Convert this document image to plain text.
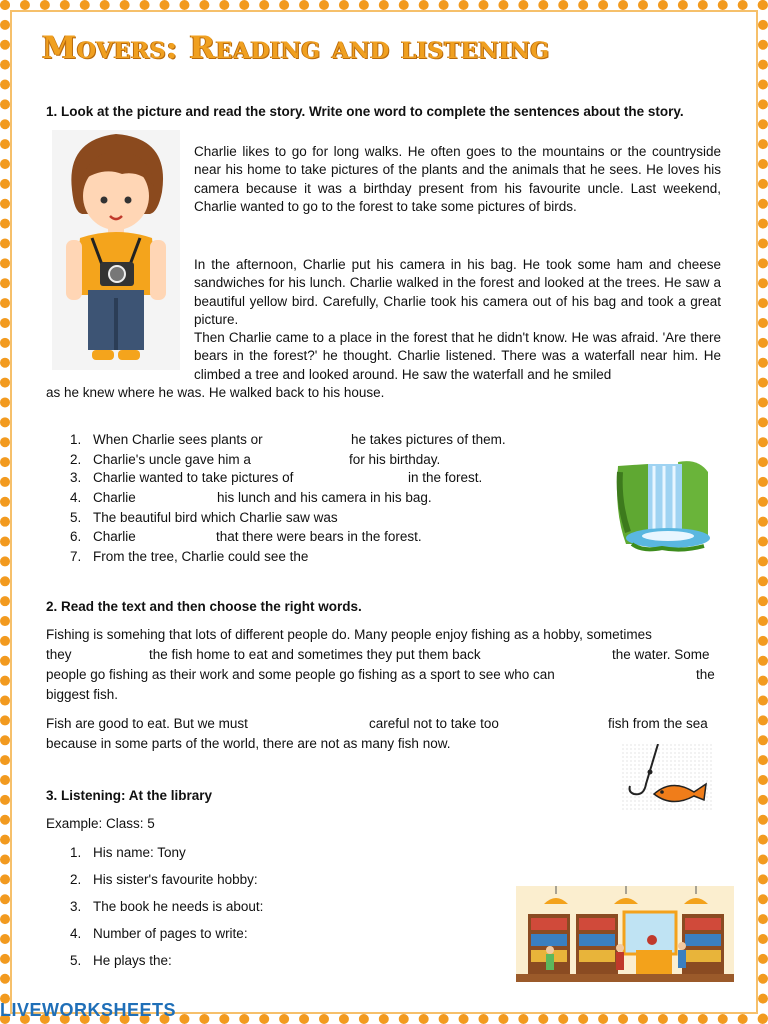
Movers: Reading and listening
1. Look at the picture and read the story. Write one word to complete the sentences about the story.
Charlie likes to go for long walks. He often goes to the mountains or the countryside near his home to take pictures of the plants and the animals that he sees. He loves his camera because it was a birthday present from his favourite uncle. Last weekend, Charlie wanted to go to the forest to take some pictures of birds.
In the afternoon, Charlie put his camera in his bag. He took some ham and cheese sandwiches for his lunch. Charlie walked in the forest and looked at the trees. He saw a beautiful yellow bird. Carefully, Charlie took his camera out of his bag and took a great picture.
Then Charlie came to a place in the forest that he didn't know. He was afraid. 'Are there bears in the forest?' he thought. Charlie listened. There was a waterfall near him. He climbed a tree and looked around. He saw the waterfall and he smiled
as he knew where he was. He walked back to his house.
1. When Charlie sees plants or	he takes pictures of them.
2. Charlie's uncle gave him a	for his birthday.
3. Charlie wanted to take pictures of	in the forest.
4. Charlie	his lunch and his camera in his bag.
5. The beautiful bird which Charlie saw was
6. Charlie	that there were bears in the forest.
7. From the tree, Charlie could see the
2. Read the text and then choose the right words.
Fishing is somehing that lots of different people do. Many people enjoy fishing as a hobby, sometimes
they	the fish home to eat and sometimes they put them back	the water. Some
people go fishing as their work and some people go fishing as a sport to see who can	the
biggest fish.
Fish are good to eat. But we must	careful not to take too	fish from the sea
because in some parts of the world, there are not as many fish now.
3. Listening: At the library
Example: Class: 5
1. His name: Tony
2. His sister's favourite hobby:
3. The book he needs is about:
4. Number of pages to write:
5. He plays the:
LIVEWORKSHEETS
